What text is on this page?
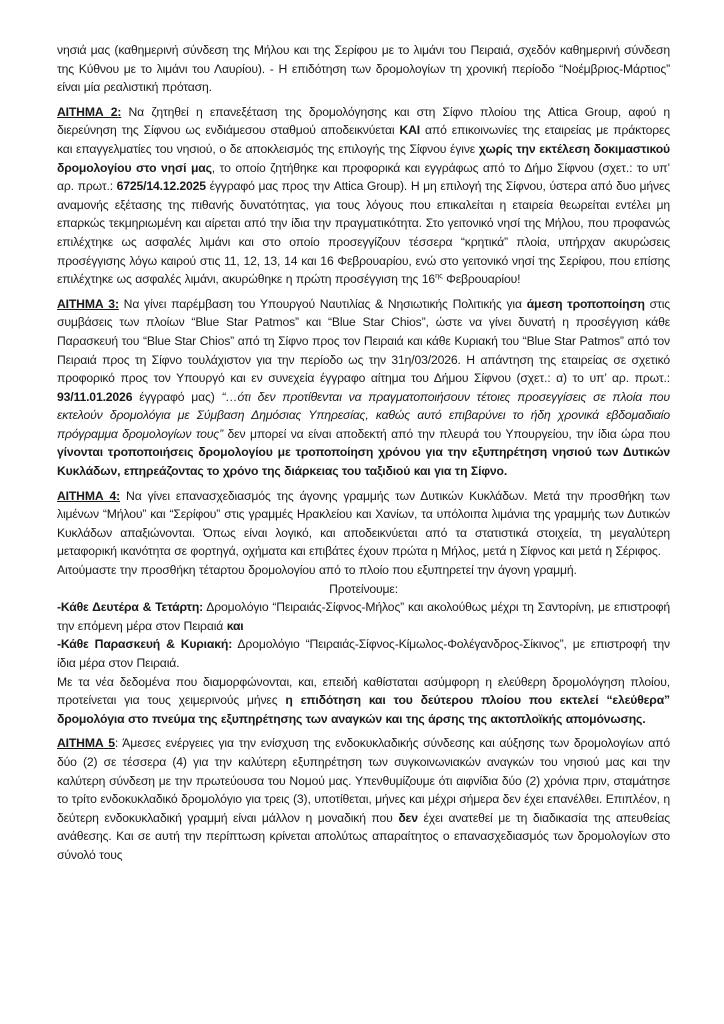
νησιά μας (καθημερινή σύνδεση της Μήλου και της Σερίφου με το λιμάνι του Πειραιά, σχεδόν καθημερινή σύνδεση της Κύθνου με το λιμάνι του Λαυρίου). - Η επιδότηση των δρομολογίων τη χρονική περίοδο “Νοέμβριος-Μάρτιος” είναι μία ρεαλιστική πρόταση.

ΑΙΤΗΜΑ 2: Να ζητηθεί η επανεξέταση της δρομολόγησης και στη Σίφνο πλοίου της Attica Group, αφού η διερεύνηση της Σίφνου ως ενδιάμεσου σταθμού αποδεικνύεται ΚΑΙ από επικοινωνίες της εταιρείας με πράκτορες και επαγγελματίες του νησιού, ο δε αποκλεισμός της επιλογής της Σίφνου έγινε χωρίς την εκτέλεση δοκιμαστικού δρομολογίου στο νησί μας, το οποίο ζητήθηκε και προφορικά και εγγράφως από το Δήμο Σίφνου (σχετ.: το υπ’ αρ. πρωτ.: 6725/14.12.2025 έγγραφό μας προς την Attica Group). Η μη επιλογή της Σίφνου, ύστερα από δυο μήνες αναμονής εξέτασης της πιθανής δυνατότητας, για τους λόγους που επικαλείται η εταιρεία θεωρείται εντέλει μη επαρκώς τεκμηριωμένη και αίρεται από την ίδια την πραγματικότητα. Στο γειτονικό νησί της Μήλου, που προφανώς επιλέχτηκε ως ασφαλές λιμάνι και στο οποίο προσεγγίζουν τέσσερα “κρητικά” πλοία, υπήρχαν ακυρώσεις προσέγγισης λόγω καιρού στις 11, 12, 13, 14 και 16 Φεβρουαρίου, ενώ στο γειτονικό νησί της Σερίφου, που επίσης επιλέχτηκε ως ασφαλές λιμάνι, ακυρώθηκε η πρώτη προσέγγιση της $16^{\eta\varsigma}$ Φεβρουαρίου!

ΑΙΤΗΜΑ 3: Να γίνει παρέμβαση του Υπουργού Ναυτιλίας & Νησιωτικής Πολιτικής για άμεση τροποποίηση στις συμβάσεις των πλοίων “Blue Star Patmos” και “Blue Star Chios”, ώστε να γίνει δυνατή η προσέγγιση κάθε Παρασκευή του “Blue Star Chios” από τη Σίφνο προς τον Πειραιά και κάθε Κυριακή του “Blue Star Patmos” από τον Πειραιά προς τη Σίφνο τουλάχιστον για την περίοδο ως την 31η/03/2026. Η απάντηση της εταιρείας σε σχετικό προφορικό προς τον Υπουργό και εν συνεχεία έγγραφο αίτημα του Δήμου Σίφνου (σχετ.: α) το υπ’ αρ. πρωτ.: 93/11.01.2026 έγγραφό μας) “…ότι δεν προτίθενται να πραγματοποιήσουν τέτοιες προσεγγίσεις σε πλοία που εκτελούν δρομολόγια με Σύμβαση Δημόσιας Υπηρεσίας, καθώς αυτό επιβαρύνει το ήδη χρονικά εβδομαδιαίο πρόγραμμα δρομολογίων τους” δεν μπορεί να είναι αποδεκτή από την πλευρά του Υπουργείου, την ίδια ώρα που γίνονται τροποποιήσεις δρομολογίου με τροποποίηση χρόνου για την εξυπηρέτηση νησιού των Δυτικών Κυκλάδων, επηρεάζοντας το χρόνο της διάρκειας του ταξιδιού και για τη Σίφνο.

ΑΙΤΗΜΑ 4: Να γίνει επανασχεδιασμός της άγονης γραμμής των Δυτικών Κυκλάδων. Μετά την προσθήκη των λιμένων “Μήλου” και “Σερίφου” στις γραμμές Ηρακλείου και Χανίων, τα υπόλοιπα λιμάνια της γραμμής των Δυτικών Κυκλάδων απαξιώνονται. Όπως είναι λογικό, και αποδεικνύεται από τα στατιστικά στοιχεία, τη μεγαλύτερη μεταφορική ικανότητα σε φορτηγά, οχήματα και επιβάτες έχουν πρώτα η Μήλος, μετά η Σίφνος και μετά η Σέριφος.

Αιτούμαστε την προσθήκη τέταρτου δρομολογίου από το πλοίο που εξυπηρετεί την άγονη γραμμή.

Προτείνουμε:

-Κάθε Δευτέρα & Τετάρτη: Δρομολόγιο “Πειραιάς-Σίφνος-Μήλος” και ακολούθως μέχρι τη Σαντορίνη, με επιστροφή την επόμενη μέρα στον Πειραιά και

-Κάθε Παρασκευή & Κυριακή: Δρομολόγιο “Πειραιάς-Σίφνος-Κίμωλος-Φολέγανδρος-Σίκινος”, με επιστροφή την ίδια μέρα στον Πειραιά.

Με τα νέα δεδομένα που διαμορφώνονται, και, επειδή καθίσταται ασύμφορη η ελεύθερη δρομολόγηση πλοίου, προτείνεται για τους χειμερινούς μήνες η επιδότηση και του δεύτερου πλοίου που εκτελεί “ελεύθερα” δρομολόγια στο πνεύμα της εξυπηρέτησης των αναγκών και της άρσης της ακτοπλοϊκής απομόνωσης.

ΑΙΤΗΜΑ 5: Άμεσες ενέργειες για την ενίσχυση της ενδοκυκλαδικής σύνδεσης και αύξησης των δρομολογίων από δύο (2) σε τέσσερα (4) για την καλύτερη εξυπηρέτηση των συγκοινωνιακών αναγκών του νησιού μας και την καλύτερη σύνδεση με την πρωτεύουσα του Νομού μας. Υπενθυμίζουμε ότι αιφνίδια δύο (2) χρόνια πριν, σταμάτησε το τρίτο ενδοκυκλαδικό δρομολόγιο για τρεις (3), υποτίθεται, μήνες και μέχρι σήμερα δεν έχει επανέλθει. Επιπλέον, η δεύτερη ενδοκυκλαδική γραμμή είναι μάλλον η μοναδική που δεν έχει ανατεθεί με τη διαδικασία της απευθείας ανάθεσης. Και σε αυτή την περίπτωση κρίνεται απολύτως απαραίτητος ο επανασχεδιασμός των δρομολογίων στο σύνολό τους
